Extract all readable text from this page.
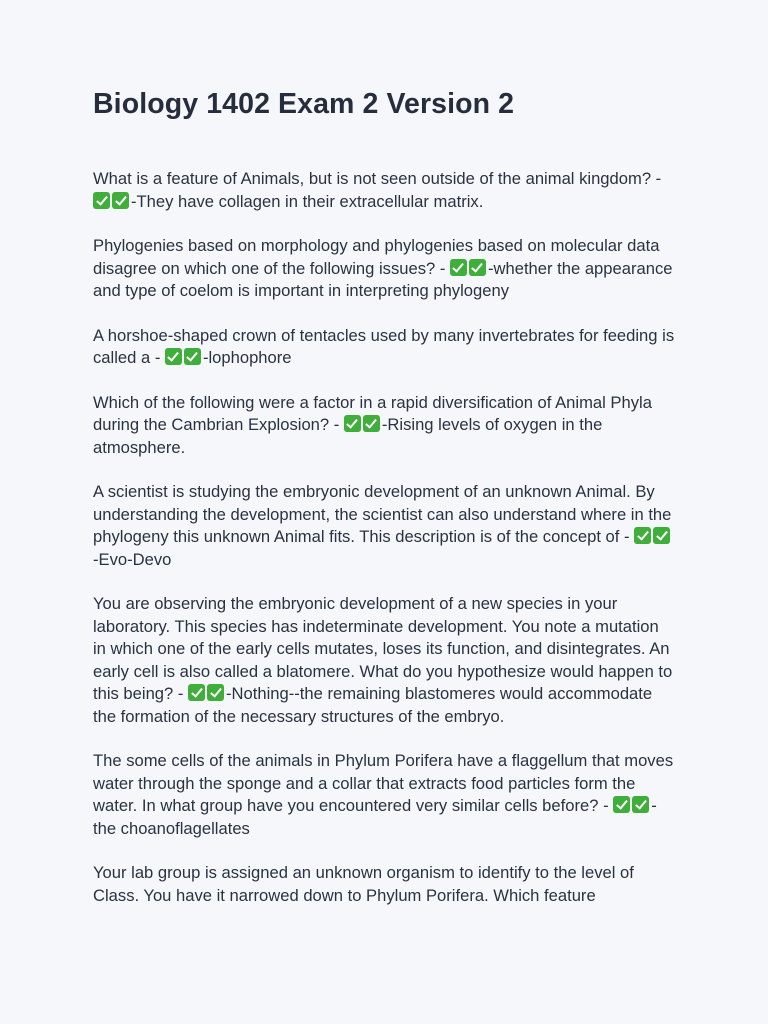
Biology 1402 Exam 2 Version 2

What is a feature of Animals, but is not seen outside of the animal kingdom? - -They have collagen in their extracellular matrix.

Phylogenies based on morphology and phylogenies based on molecular data disagree on which one of the following issues? - -whether the appearance and type of coelom is important in interpreting phylogeny

A horshoe-shaped crown of tentacles used by many invertebrates for feeding is called a - -lophophore

Which of the following were a factor in a rapid diversification of Animal Phyla during the Cambrian Explosion? - -Rising levels of oxygen in the atmosphere.

A scientist is studying the embryonic development of an unknown Animal. By understanding the development, the scientist can also understand where in the phylogeny this unknown Animal fits. This description is of the concept of - -Evo-Devo

You are observing the embryonic development of a new species in your laboratory. This species has indeterminate development. You note a mutation in which one of the early cells mutates, loses its function, and disintegrates. An early cell is also called a blatomere. What do you hypothesize would happen to this being? - -Nothing--the remaining blastomeres would accommodate the formation of the necessary structures of the embryo.

The some cells of the animals in Phylum Porifera have a flaggellum that moves water through the sponge and a collar that extracts food particles form the water. In what group have you encountered very similar cells before? - -the choanoflagellates

Your lab group is assigned an unknown organism to identify to the level of Class. You have it narrowed down to Phylum Porifera. Which feature
